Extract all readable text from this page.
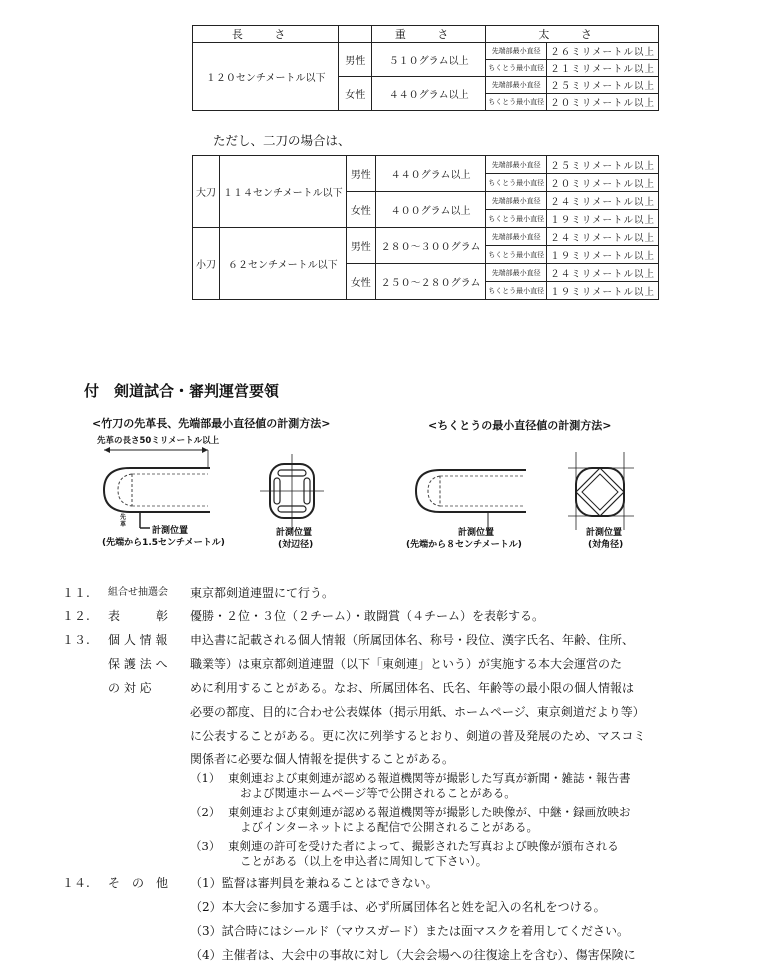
長 さ		重 さ	太 さ	
１２０センチメートル以下	男性	５１０グラム以上	先端部最小直径	２６ミリメートル以上
			ちくとう最小直径	２１ミリメートル以上
	女性	４４０グラム以上	先端部最小直径	２５ミリメートル以上
			ちくとう最小直径	２０ミリメートル以上
ただし、二刀の場合は、
大刀	１１４センチメートル以下	男性	４４０グラム以上	先端部最小直径	２５ミリメートル以上
				ちくとう最小直径	２０ミリメートル以上
		女性	４００グラム以上	先端部最小直径	２４ミリメートル以上
				ちくとう最小直径	１９ミリメートル以上
小刀	６２センチメートル以下	男性	２８０～３００グラム	先端部最小直径	２４ミリメートル以上
				ちくとう最小直径	１９ミリメートル以上
		女性	２５０～２８０グラム	先端部最小直径	２４ミリメートル以上
				ちくとう最小直径	１９ミリメートル以上
付　剣道試合・審判運営要領
<竹刀の先革長、先端部最小直径値の計測方法>
先革の長さ50ミリメートル以上
先革
計測位置
(先端から1.5センチメートル)
計測位置
(対辺径)
<ちくとうの最小直径値の計測方法>
計測位置
(先端から８センチメートル)
計測位置
(対角径)
１１. 組合せ抽選会 東京都剣道連盟にて行う。
１２. 表　　　彰 優勝・２位・３位（２チーム）・敢闘賞（４チーム）を表彰する。
１３. 個 人 情 報
保 護 法 へ
の 対 応
申込書に記載される個人情報（所属団体名、称号・段位、漢字氏名、年齢、住所、
職業等）は東京都剣道連盟（以下「東剣連」という）が実施する本大会運営のた
めに利用することがある。なお、所属団体名、氏名、年齢等の最小限の個人情報は
必要の都度、目的に合わせ公表媒体（掲示用紙、ホームページ、東京剣道だより等）
に公表することがある。更に次に列挙するとおり、剣道の普及発展のため、マスコミ
関係者に必要な個人情報を提供することがある。
（1） 東剣連および東剣連が認める報道機関等が撮影した写真が新聞・雑誌・報告書
および関連ホームページ等で公開されることがある。
（2） 東剣連および東剣連が認める報道機関等が撮影した映像が、中継・録画放映お
よびインターネットによる配信で公開されることがある。
（3） 東剣連の許可を受けた者によって、撮影された写真および映像が頒布される
ことがある（以上を申込者に周知して下さい）。
１４. そ　の　他 （1）監督は審判員を兼ねることはできない。
（2）本大会に参加する選手は、必ず所属団体名と姓を記入の名札をつける。
（3）試合時にはシールド（マウスガード）または面マスクを着用してください。
（4）主催者は、大会中の事故に対し（大会会場への往復途上を含む）、傷害保険に
